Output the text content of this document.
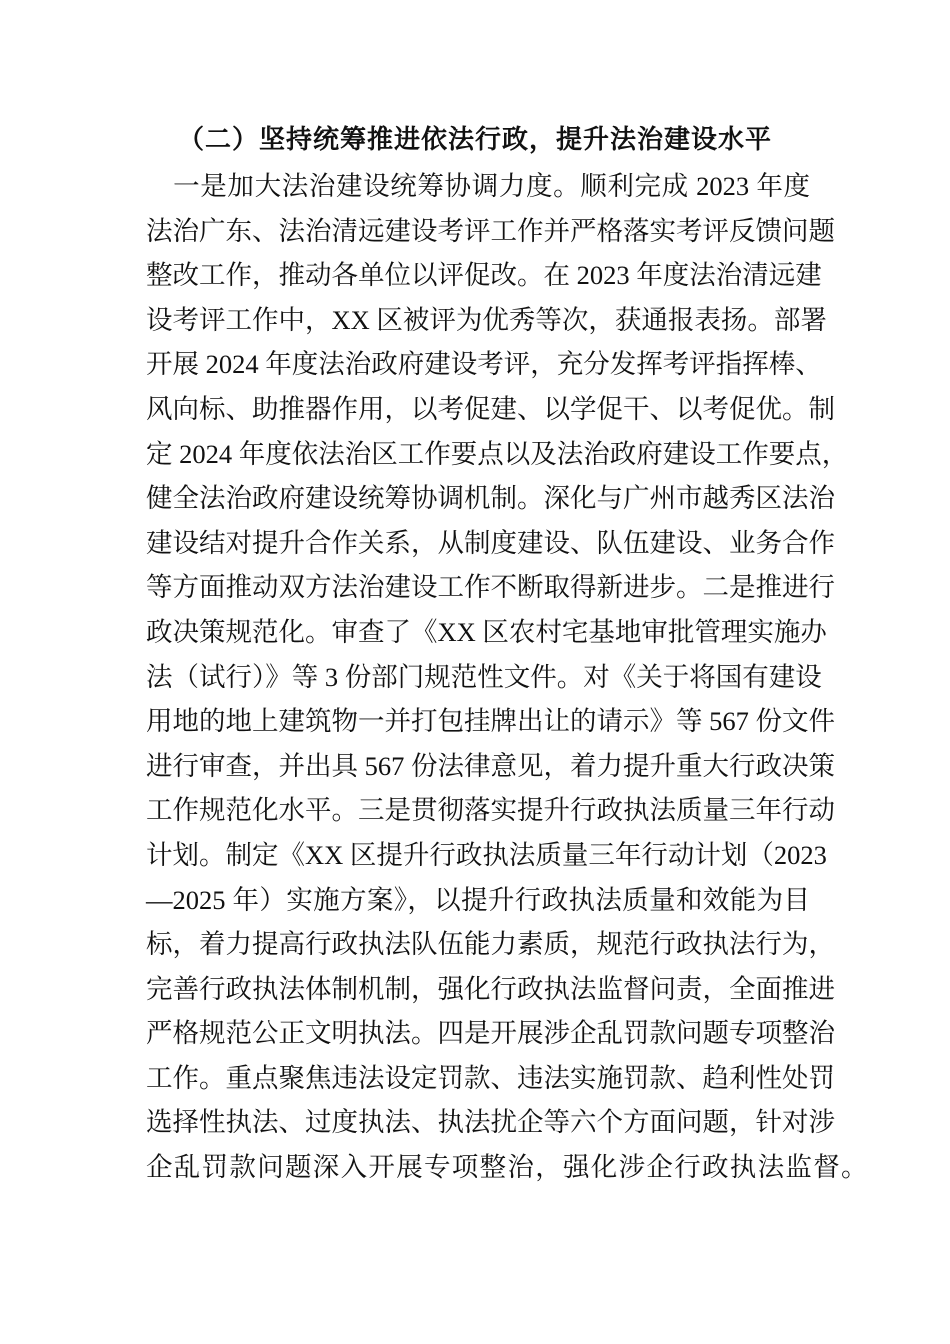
（二）坚持统筹推进依法行政，提升法治建设水平
　一是加大法治建设统筹协调力度。顺利完成 2023 年度
法治广东、法治清远建设考评工作并严格落实考评反馈问题
整改工作，推动各单位以评促改。在 2023 年度法治清远建
设考评工作中，XX 区被评为优秀等次，获通报表扬。部署
开展 2024 年度法治政府建设考评，充分发挥考评指挥棒、
风向标、助推器作用，以考促建、以学促干、以考促优。制
定 2024 年度依法治区工作要点以及法治政府建设工作要点，
健全法治政府建设统筹协调机制。深化与广州市越秀区法治
建设结对提升合作关系，从制度建设、队伍建设、业务合作
等方面推动双方法治建设工作不断取得新进步。二是推进行
政决策规范化。审查了《XX 区农村宅基地审批管理实施办
法（试行）》等 3 份部门规范性文件。对《关于将国有建设
用地的地上建筑物一并打包挂牌出让的请示》等 567 份文件
进行审查，并出具 567 份法律意见，着力提升重大行政决策
工作规范化水平。三是贯彻落实提升行政执法质量三年行动
计划。制定《XX 区提升行政执法质量三年行动计划（2023
—2025 年）实施方案》，以提升行政执法质量和效能为目
标，着力提高行政执法队伍能力素质，规范行政执法行为，
完善行政执法体制机制，强化行政执法监督问责，全面推进
严格规范公正文明执法。四是开展涉企乱罚款问题专项整治
工作。重点聚焦违法设定罚款、违法实施罚款、趋利性处罚
选择性执法、过度执法、执法扰企等六个方面问题，针对涉
企乱罚款问题深入开展专项整治，强化涉企行政执法监督。
